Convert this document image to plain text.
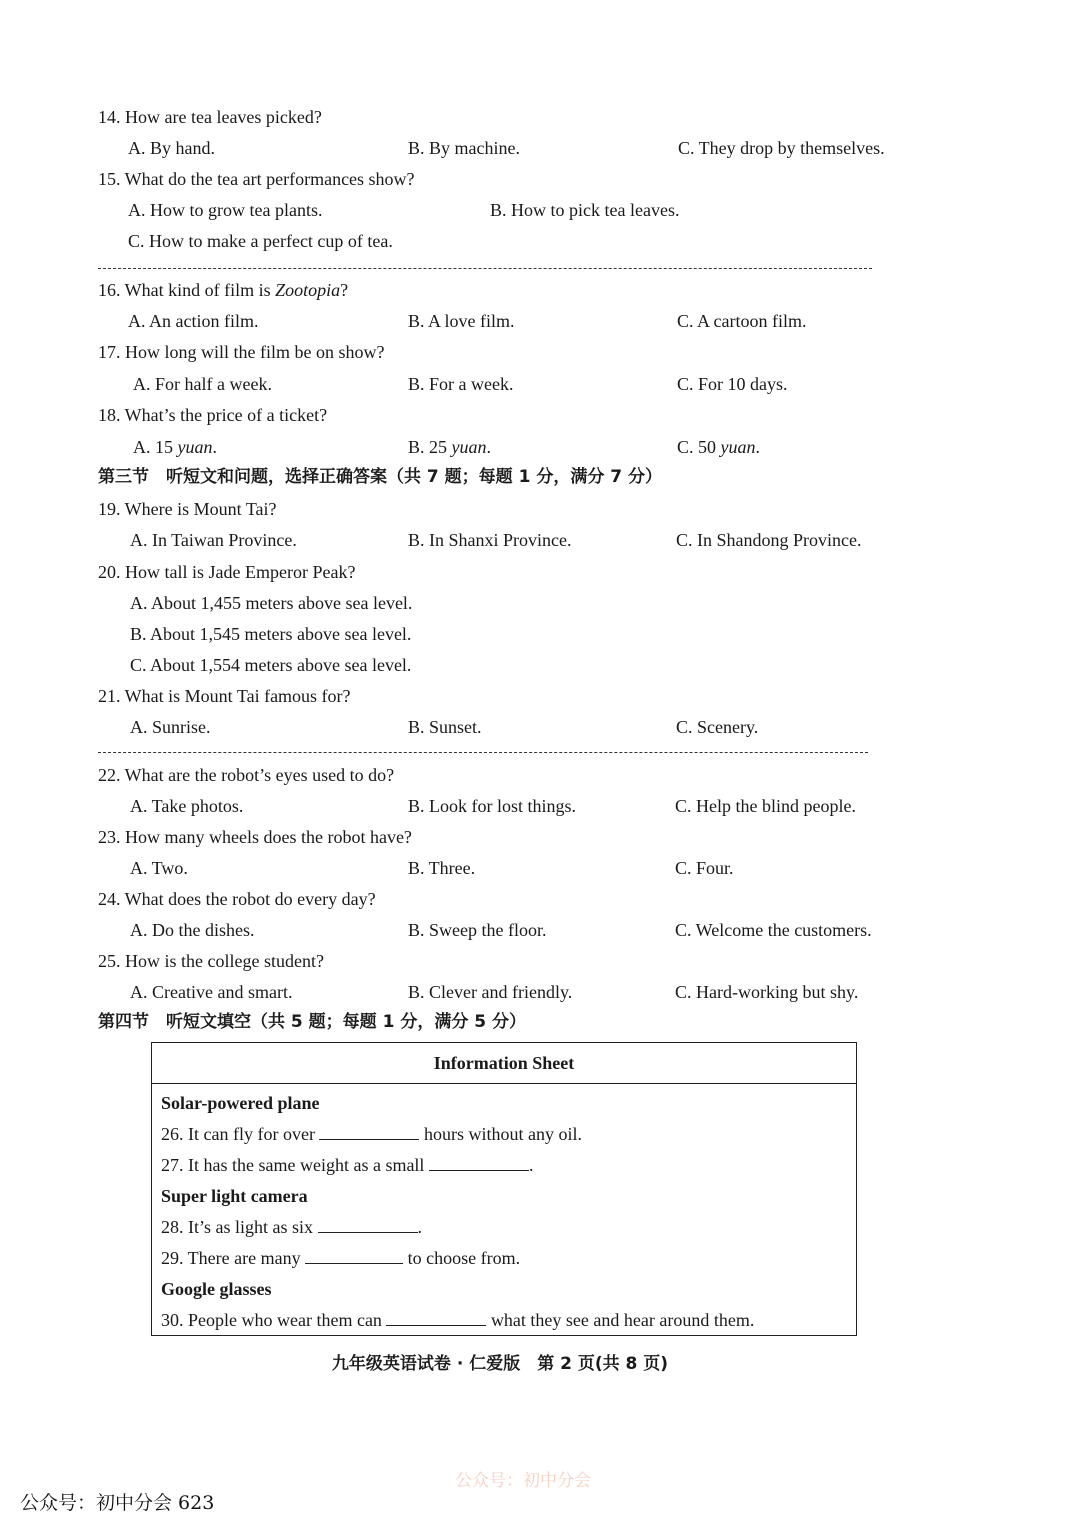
14. How are tea leaves picked?
A. By hand.	B. By machine.	C. They drop by themselves.
15. What do the tea art performances show?
A. How to grow tea plants.	B. How to pick tea leaves.
C. How to make a perfect cup of tea.
16. What kind of film is Zootopia?
A. An action film.	B. A love film.	C. A cartoon film.
17. How long will the film be on show?
A. For half a week.	B. For a week.	C. For 10 days.
18. What’s the price of a ticket?
A. 15 yuan.	B. 25 yuan.	C. 50 yuan.
第三节　听短文和问题，选择正确答案（共 7 题；每题 1 分，满分 7 分）
19. Where is Mount Tai?
A. In Taiwan Province.	B. In Shanxi Province.	C. In Shandong Province.
20. How tall is Jade Emperor Peak?
A. About 1,455 meters above sea level.
B. About 1,545 meters above sea level.
C. About 1,554 meters above sea level.
21. What is Mount Tai famous for?
A. Sunrise.	B. Sunset.	C. Scenery.
22. What are the robot’s eyes used to do?
A. Take photos.	B. Look for lost things.	C. Help the blind people.
23. How many wheels does the robot have?
A. Two.	B. Three.	C. Four.
24. What does the robot do every day?
A. Do the dishes.	B. Sweep the floor.	C. Welcome the customers.
25. How is the college student?
A. Creative and smart.	B. Clever and friendly.	C. Hard-working but shy.
第四节　听短文填空（共 5 题；每题 1 分，满分 5 分）
Information Sheet
Solar-powered plane
26. It can fly for over	hours without any oil.
27. It has the same weight as a small	.
Super light camera
28. It’s as light as six	.
29. There are many	to choose from.
Google glasses
30. People who wear them can	what they see and hear around them.
九年级英语试卷 · 仁爱版　第 2 页(共 8 页)
公众号：初中分会
公众号：初中分会 623
